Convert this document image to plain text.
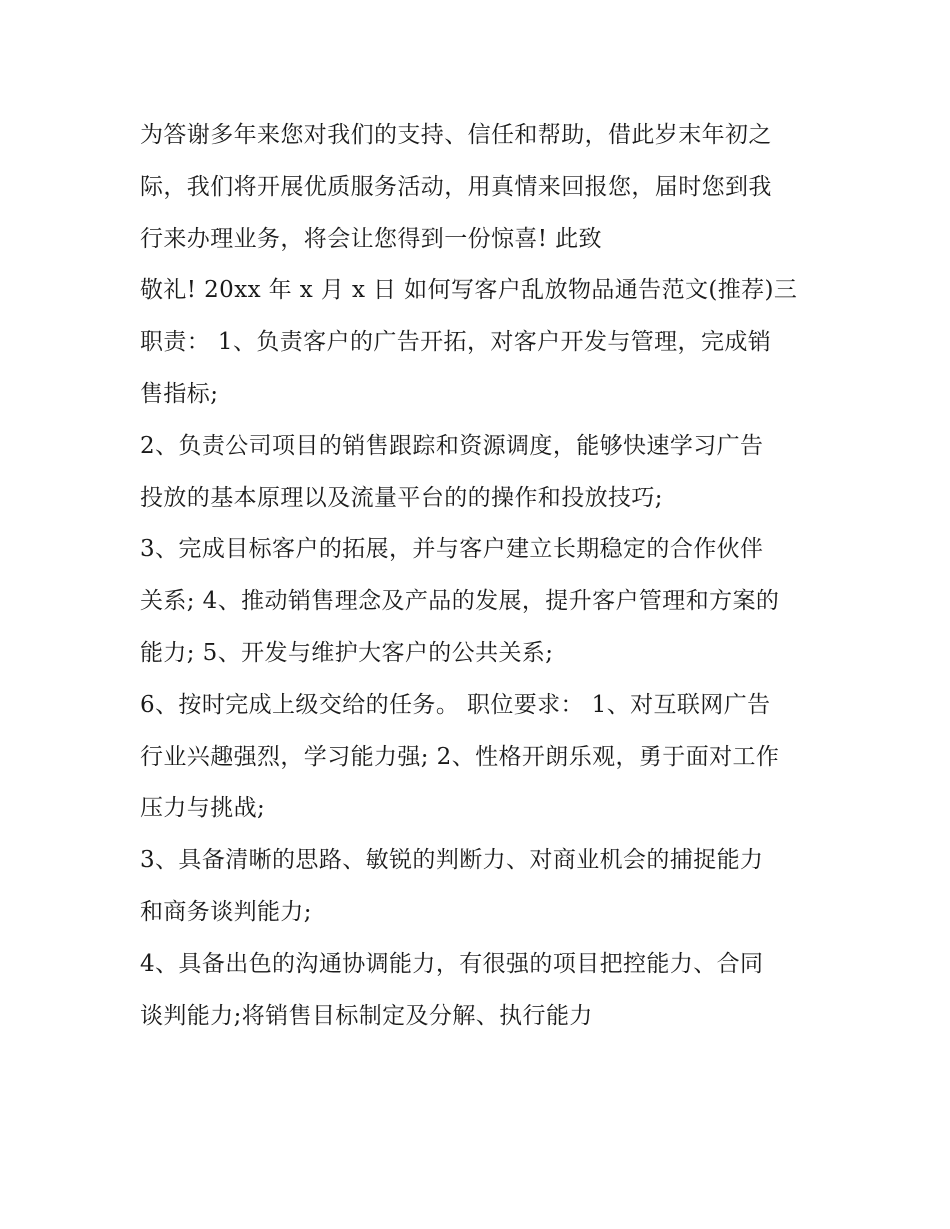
为答谢多年来您对我们的支持、信任和帮助，借此岁末年初之
际，我们将开展优质服务活动，用真情来回报您，届时您到我
行来办理业务，将会让您得到一份惊喜! 此致
敬礼! 20xx 年 x 月 x 日 如何写客户乱放物品通告范文(推荐)三
职责： 1、负责客户的广告开拓，对客户开发与管理，完成销
售指标;
2、负责公司项目的销售跟踪和资源调度，能够快速学习广告
投放的基本原理以及流量平台的的操作和投放技巧;
3、完成目标客户的拓展，并与客户建立长期稳定的合作伙伴
关系; 4、推动销售理念及产品的发展，提升客户管理和方案的
能力; 5、开发与维护大客户的公共关系;
6、按时完成上级交给的任务。 职位要求： 1、对互联网广告
行业兴趣强烈，学习能力强; 2、性格开朗乐观，勇于面对工作
压力与挑战;
3、具备清晰的思路、敏锐的判断力、对商业机会的捕捉能力
和商务谈判能力;
4、具备出色的沟通协调能力，有很强的项目把控能力、合同
谈判能力;将销售目标制定及分解、执行能力
